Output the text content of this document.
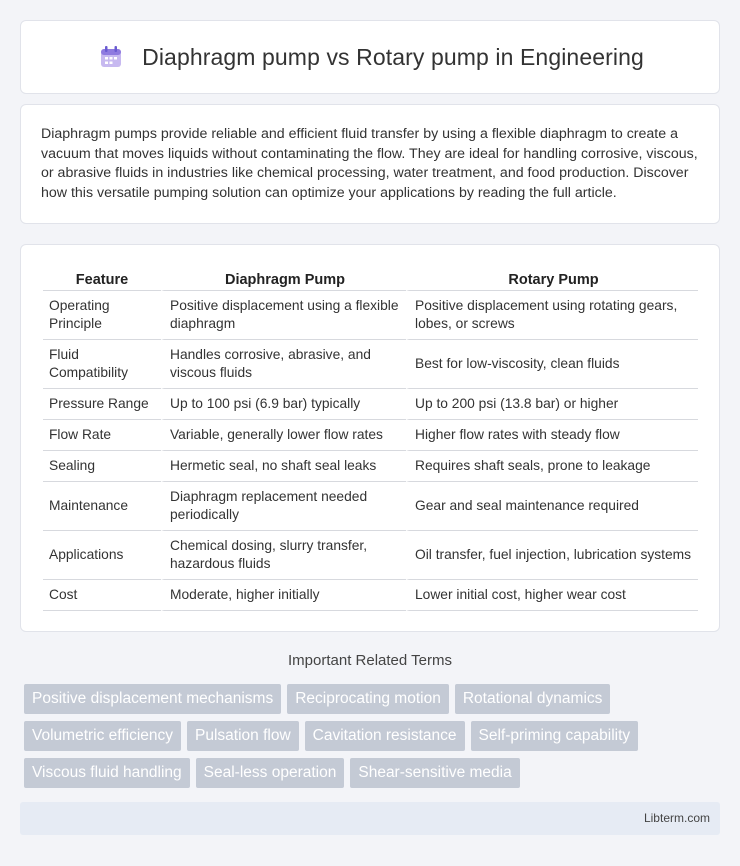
Diaphragm pump vs Rotary pump in Engineering

Diaphragm pumps provide reliable and efficient fluid transfer by using a flexible diaphragm to create a vacuum that moves liquids without contaminating the flow. They are ideal for handling corrosive, viscous, or abrasive fluids in industries like chemical processing, water treatment, and food production. Discover how this versatile pumping solution can optimize your applications by reading the full article.

Feature	Diaphragm Pump	Rotary Pump
Operating Principle	Positive displacement using a flexible diaphragm	Positive displacement using rotating gears, lobes, or screws
Fluid Compatibility	Handles corrosive, abrasive, and viscous fluids	Best for low-viscosity, clean fluids
Pressure Range	Up to 100 psi (6.9 bar) typically	Up to 200 psi (13.8 bar) or higher
Flow Rate	Variable, generally lower flow rates	Higher flow rates with steady flow
Sealing	Hermetic seal, no shaft seal leaks	Requires shaft seals, prone to leakage
Maintenance	Diaphragm replacement needed periodically	Gear and seal maintenance required
Applications	Chemical dosing, slurry transfer, hazardous fluids	Oil transfer, fuel injection, lubrication systems
Cost	Moderate, higher initially	Lower initial cost, higher wear cost
Important Related Terms
Positive displacement mechanisms	Reciprocating motion	Rotational dynamics
Volumetric efficiency	Pulsation flow	Cavitation resistance	Self-priming capability
Viscous fluid handling	Seal-less operation	Shear-sensitive media
Libterm.com
